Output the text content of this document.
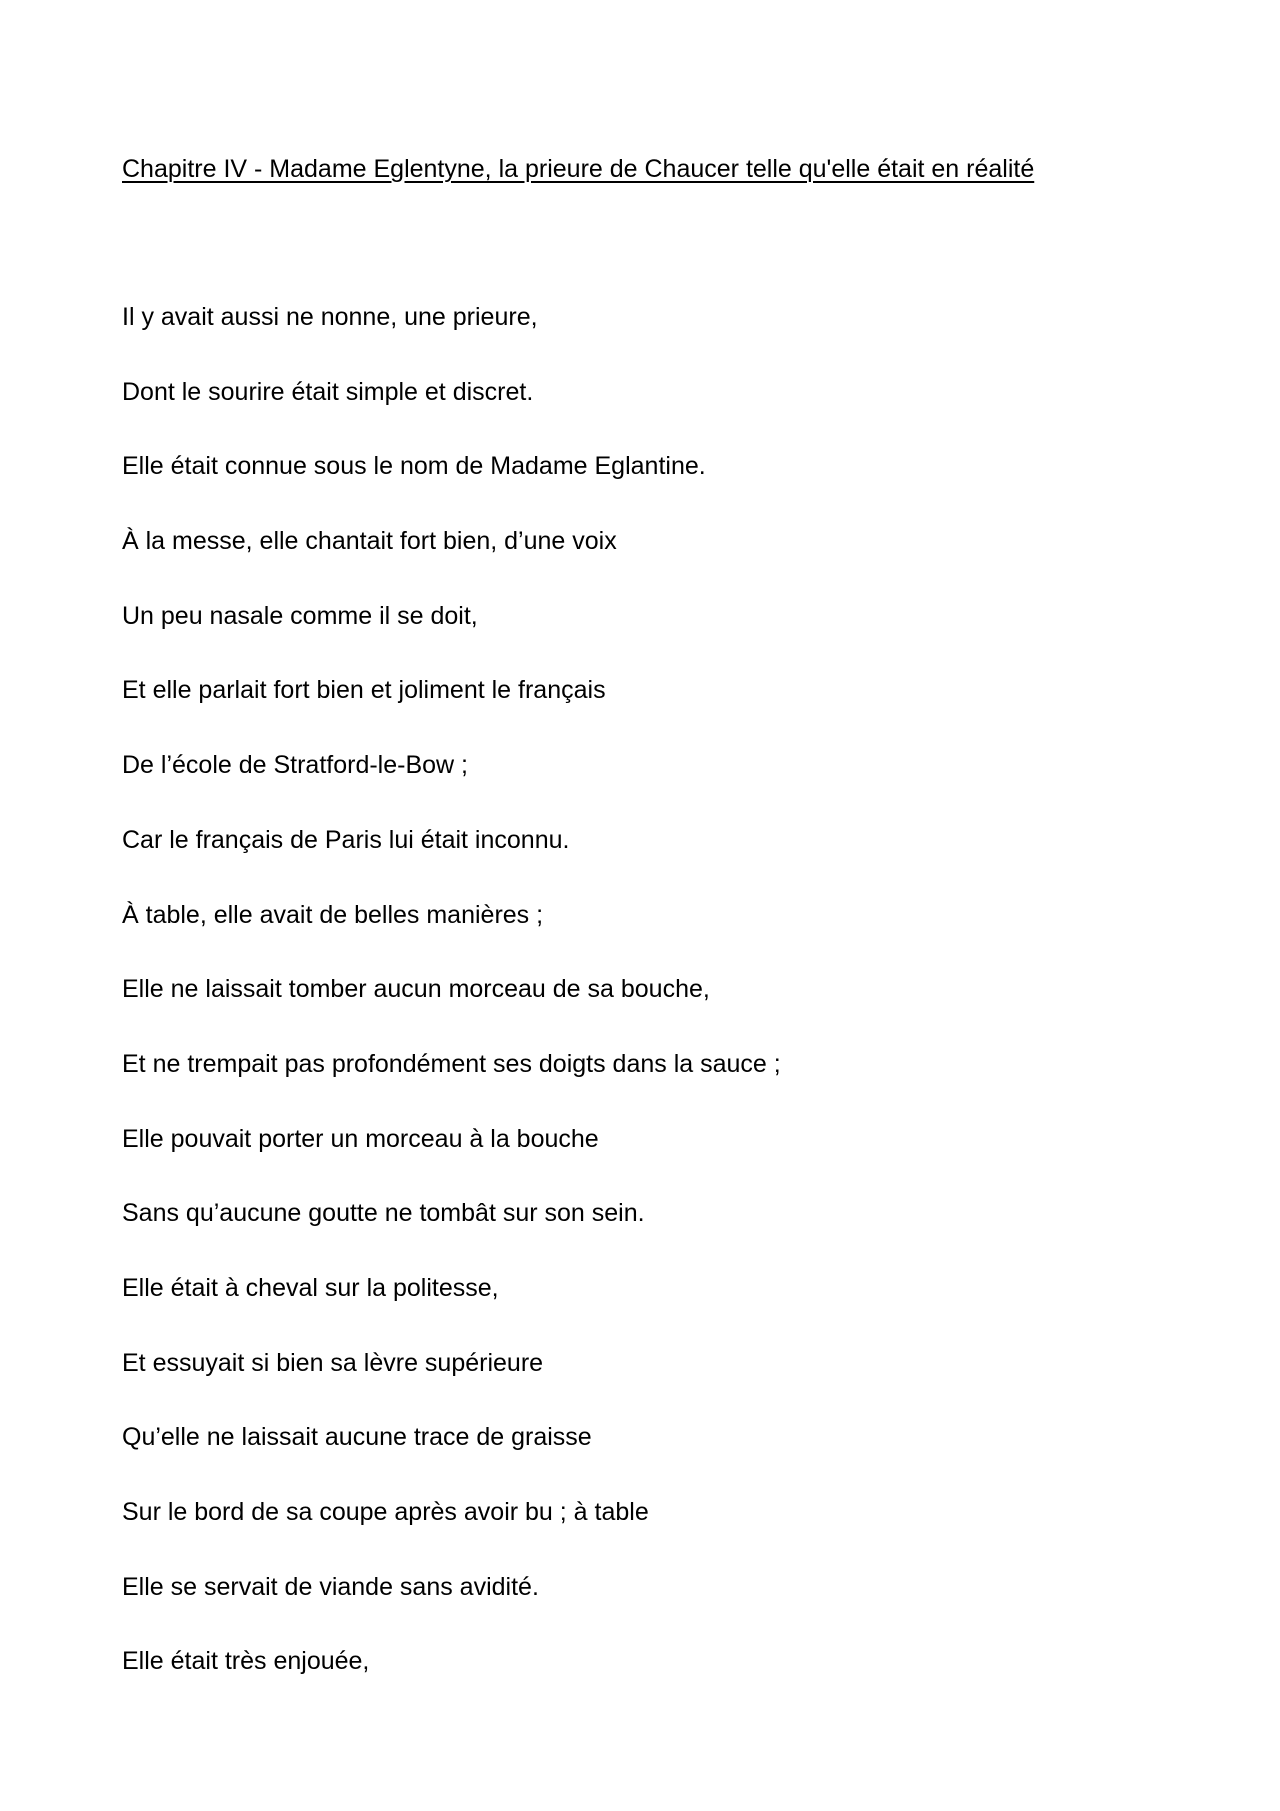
Chapitre IV - Madame Eglentyne, la prieure de Chaucer telle qu'elle était en réalité
Il y avait aussi ne nonne, une prieure,
Dont le sourire était simple et discret.
Elle était connue sous le nom de Madame Eglantine.
À la messe, elle chantait fort bien, d’une voix
Un peu nasale comme il se doit,
Et elle parlait fort bien et joliment le français
De l’école de Stratford-le-Bow ;
Car le français de Paris lui était inconnu.
À table, elle avait de belles manières ;
Elle ne laissait tomber aucun morceau de sa bouche,
Et ne trempait pas profondément ses doigts dans la sauce ;
Elle pouvait porter un morceau à la bouche
Sans qu’aucune goutte ne tombât sur son sein.
Elle était à cheval sur la politesse,
Et essuyait si bien sa lèvre supérieure
Qu’elle ne laissait aucune trace de graisse
Sur le bord de sa coupe après avoir bu ; à table
Elle se servait de viande sans avidité.
Elle était très enjouée,
